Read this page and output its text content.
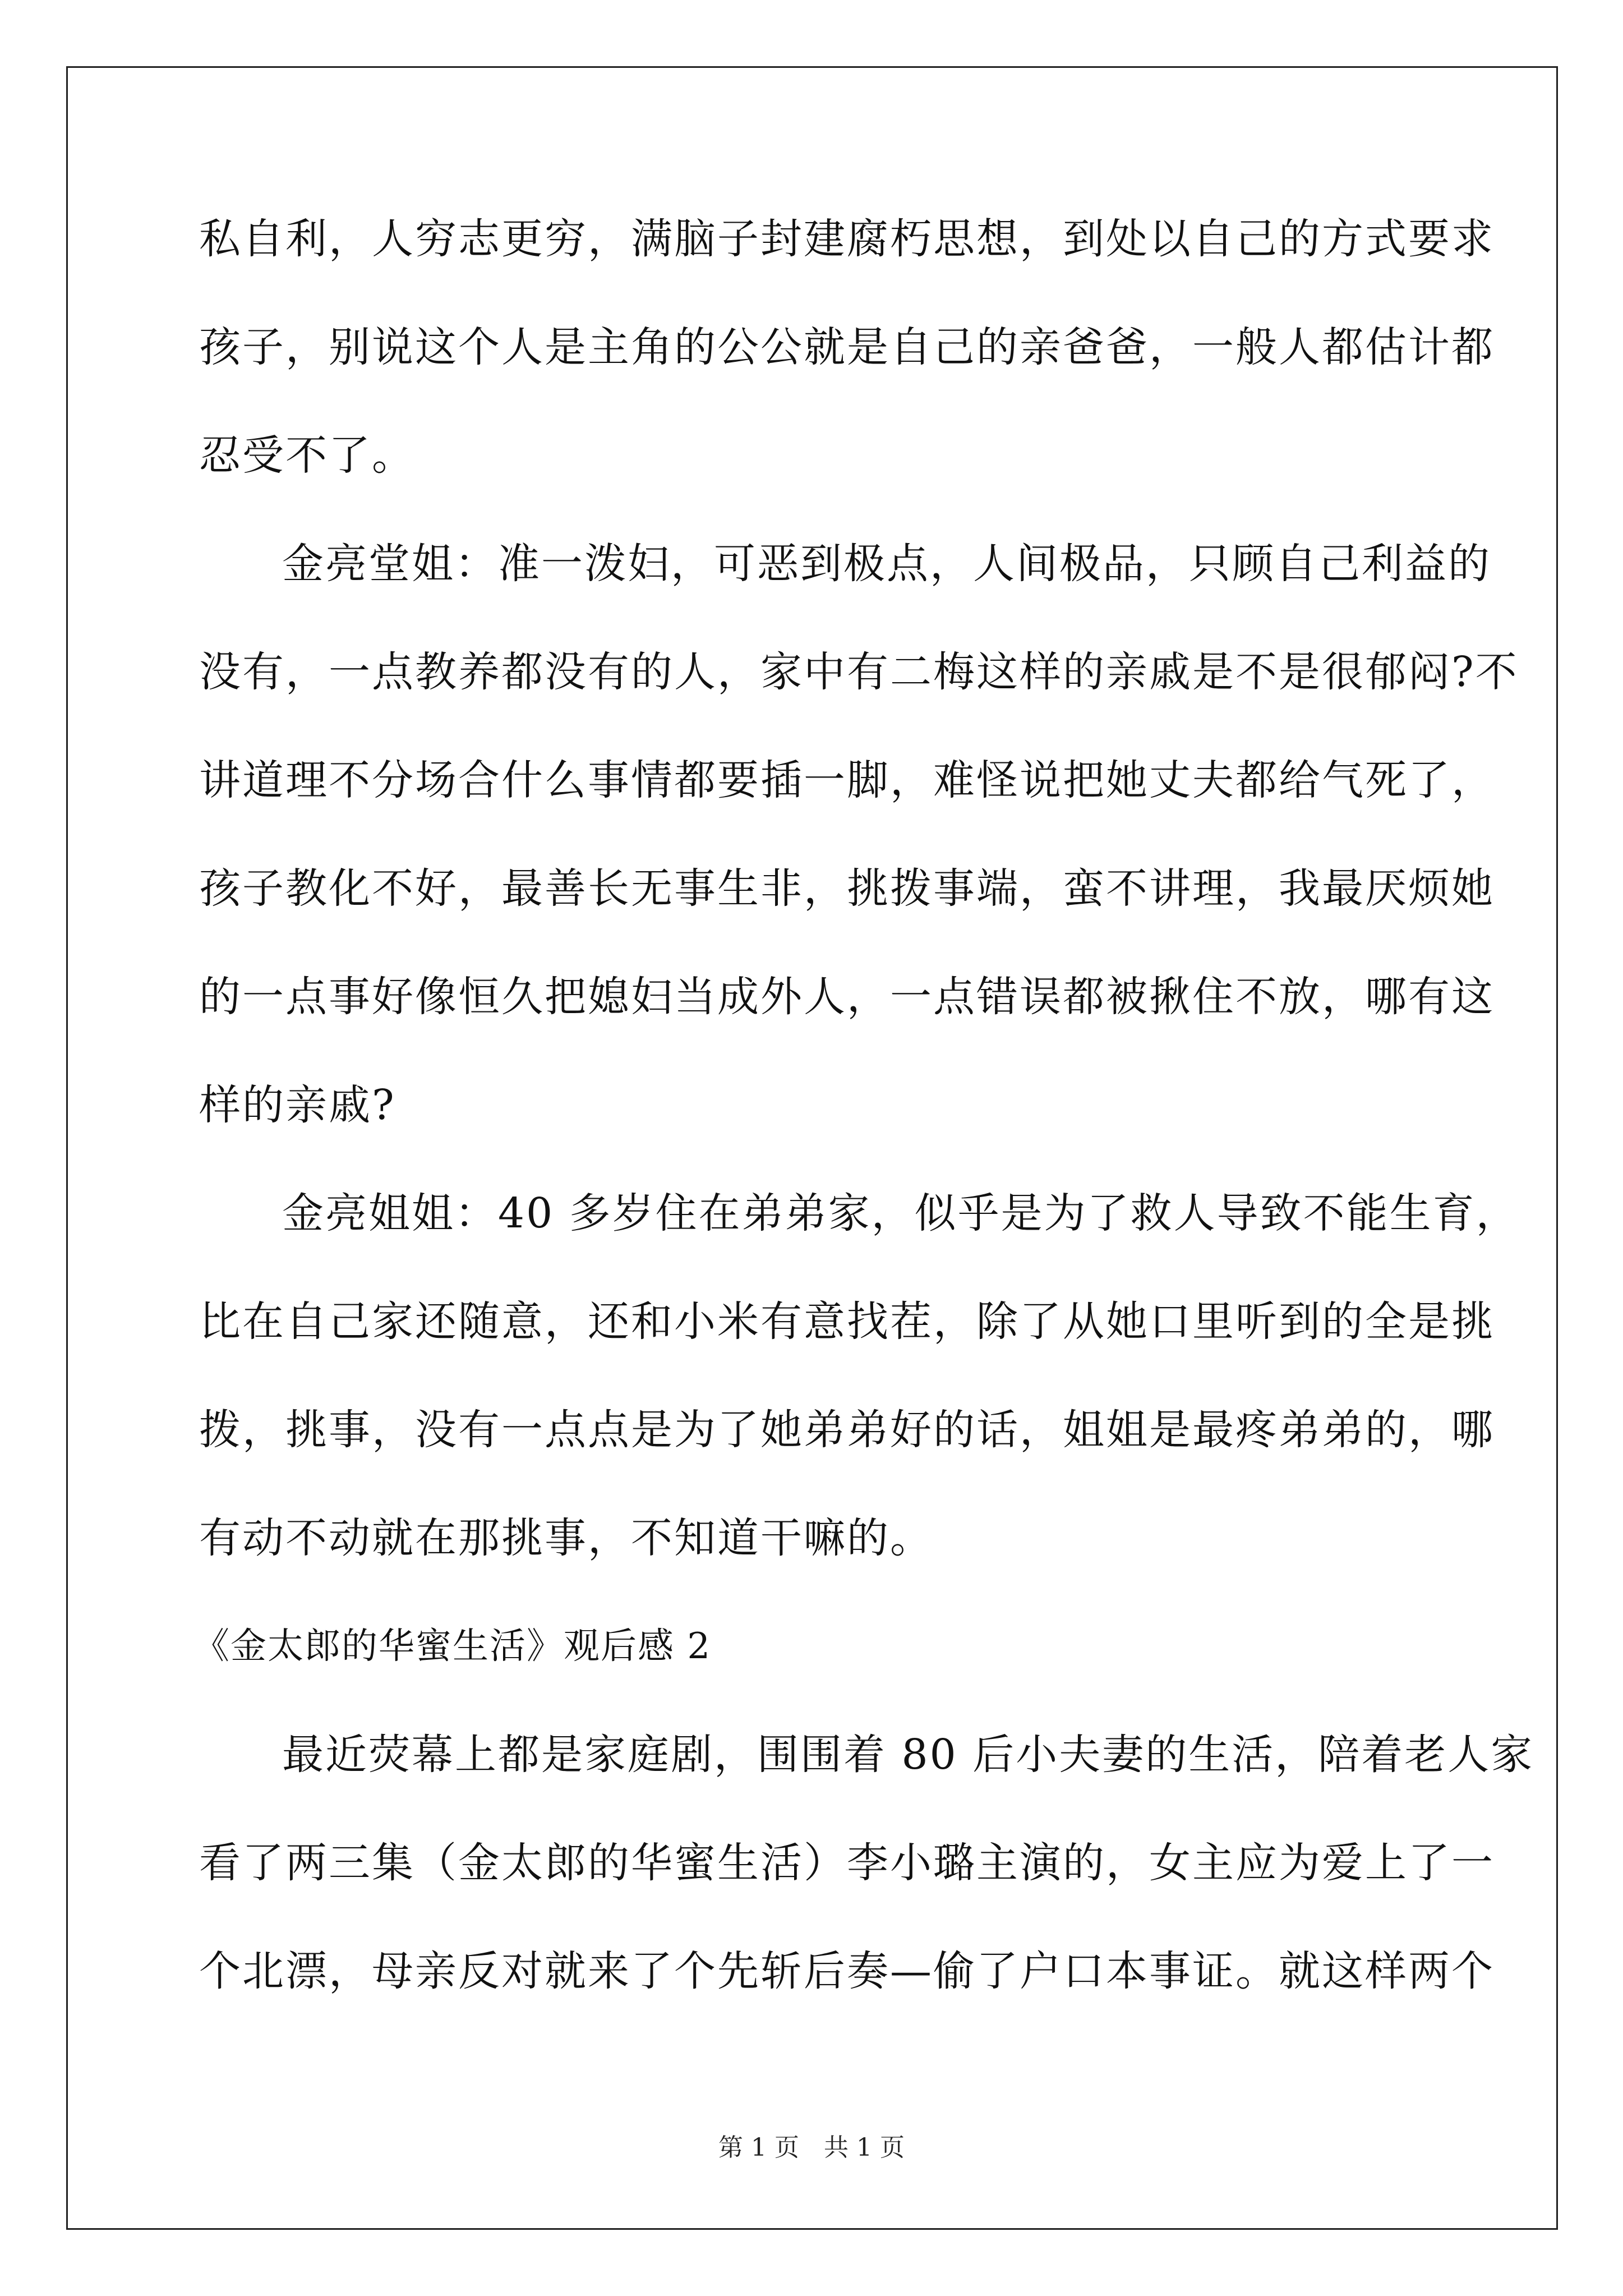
私自利，人穷志更穷，满脑子封建腐朽思想，到处以自己的方式要求
孩子，别说这个人是主角的公公就是自己的亲爸爸，一般人都估计都
忍受不了。
金亮堂姐：准一泼妇，可恶到极点，人间极品，只顾自己利益的
没有，一点教养都没有的人，家中有二梅这样的亲戚是不是很郁闷?不
讲道理不分场合什么事情都要插一脚，难怪说把她丈夫都给气死了，
孩子教化不好，最善长无事生非，挑拨事端，蛮不讲理，我最厌烦她
的一点事好像恒久把媳妇当成外人，一点错误都被揪住不放，哪有这
样的亲戚?
金亮姐姐：40 多岁住在弟弟家，似乎是为了救人导致不能生育，
比在自己家还随意，还和小米有意找茬，除了从她口里听到的全是挑
拨，挑事，没有一点点是为了她弟弟好的话，姐姐是最疼弟弟的，哪
有动不动就在那挑事，不知道干嘛的。
《金太郎的华蜜生活》观后感 2
最近荧幕上都是家庭剧，围围着 80 后小夫妻的生活，陪着老人家
看了两三集（金太郎的华蜜生活）李小璐主演的，女主应为爱上了一
个北漂，母亲反对就来了个先斩后奏—偷了户口本事证。就这样两个
第 1 页　共 1 页
